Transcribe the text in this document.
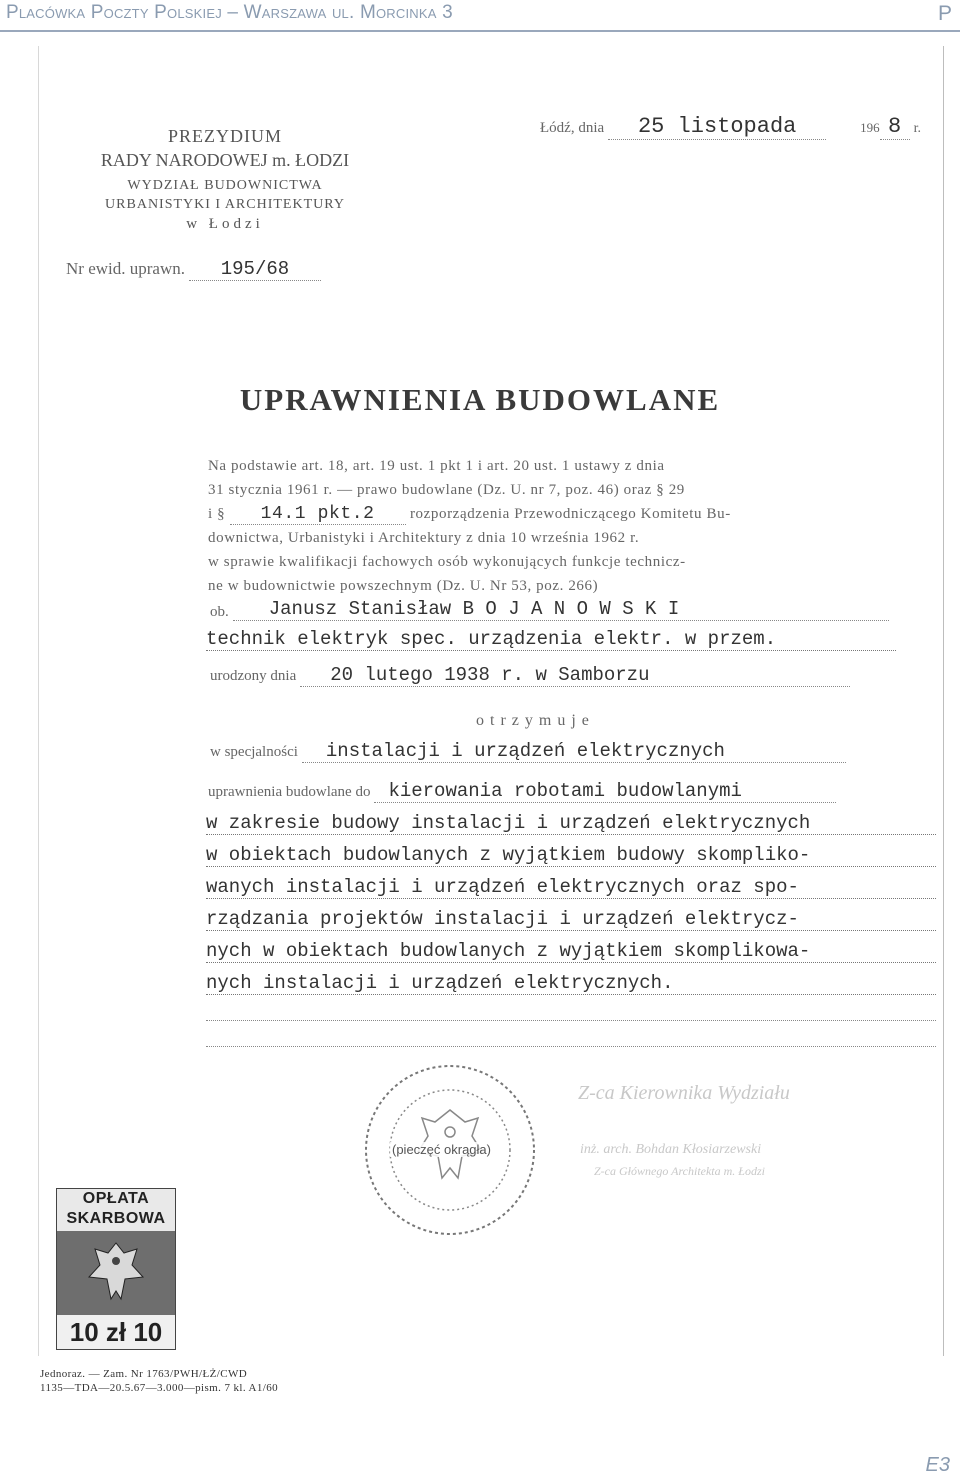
Placówka Poczty Polskiej – Warszawa ul. Morcinka 3	P
PREZYDIUM
RADY NARODOWEJ m. ŁODZI
WYDZIAŁ BUDOWNICTWA
URBANISTYKI I ARCHITEKTURY
w Łodzi
Łódź, dnia 25 listopada	196 8 r.
Nr ewid. uprawn. 195/68
UPRAWNIENIA BUDOWLANE
Na podstawie art. 18, art. 19 ust. 1 pkt 1 i art. 20 ust. 1 ustawy z dnia
31 stycznia 1961 r. — prawo budowlane (Dz. U. nr 7, poz. 46) oraz § 29
i § 14.1 pkt.2 rozporządzenia Przewodniczącego Komitetu Bu-
downictwa, Urbanistyki i Architektury z dnia 10 września 1962 r.
w sprawie kwalifikacji fachowych osób wykonujących funkcje technicz-
ne w budownictwie powszechnym (Dz. U. Nr 53, poz. 266)
ob. Janusz Stanisław B O J A N O W S K I
technik elektryk spec. urządzenia elektr. w przem.
urodzony dnia 20 lutego 1938 r. w Samborzu
o t r z y m u j e
w specjalności instalacji i urządzeń elektrycznych
uprawnienia budowlane do kierowania robotami budowlanymi
w zakresie budowy instalacji i urządzeń elektrycznych
w obiektach budowlanych z wyjątkiem budowy skompliko-
wanych instalacji i urządzeń elektrycznych oraz spo-
rządzania projektów instalacji i urządzeń elektrycz-
nych w obiektach budowlanych z wyjątkiem skomplikowa-
nych instalacji i urządzeń elektrycznych.
(pieczęć okrągła)
Z-ca Kierownika Wydziału
inż. arch. Bohdan Kłosiarzewski
Z-ca Głównego Architekta m. Łodzi
OPŁATA
SKARBOWA
10 zł 10
Jednoraz. — Zam. Nr 1763/PWH/ŁŻ/CWD
1135—TDA—20.5.67—3.000—pism. 7 kl. A1/60
E3
